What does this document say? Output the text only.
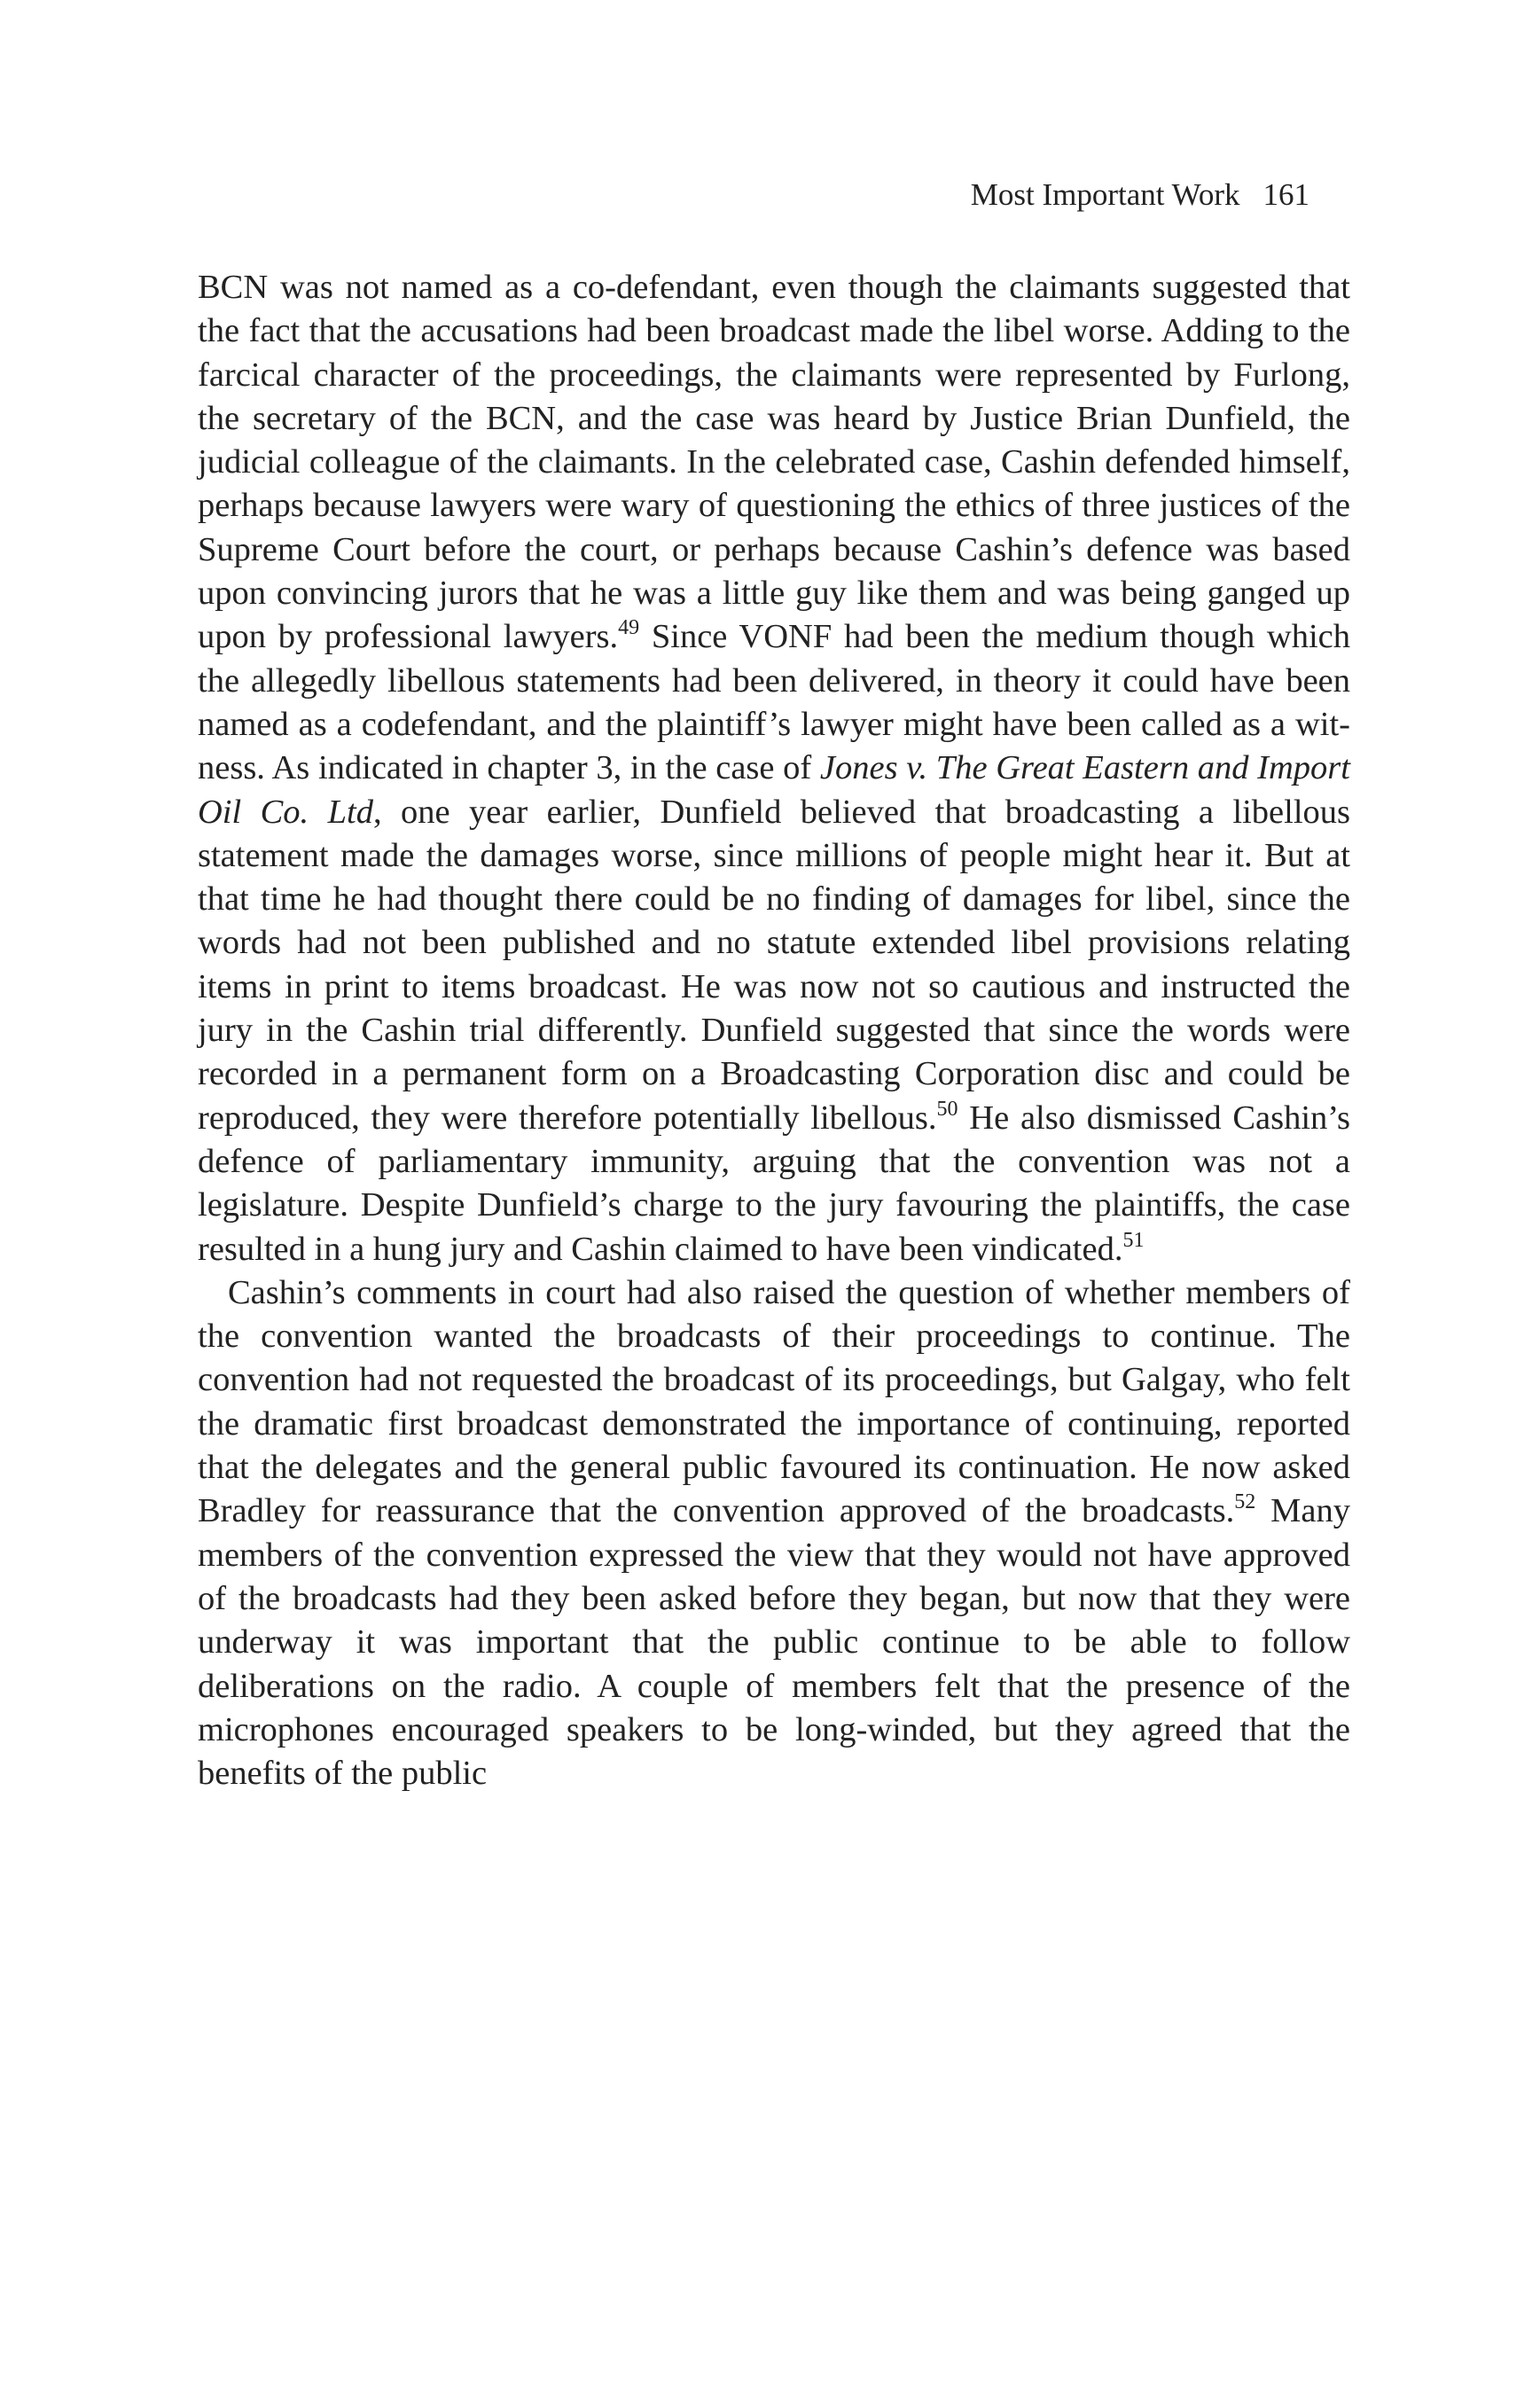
Most Important Work 161

BCN was not named as a co-defendant, even though the claimants suggested that the fact that the accusations had been broadcast made the libel worse. Adding to the farcical character of the proceedings, the claimants were represented by Furlong, the secretary of the BCN, and the case was heard by Justice Brian Dunfield, the judicial colleague of the claimants. In the celebrated case, Cashin defended himself, perhaps because lawyers were wary of questioning the ethics of three justices of the Supreme Court before the court, or perhaps because Cashin’s defence was based upon convincing jurors that he was a little guy like them and was being ganged up upon by professional lawyers.$^{49}$ Since VONF had been the medium though which the allegedly libellous statements had been delivered, in theory it could have been named as a codefendant, and the plaintiff’s lawyer might have been called as a witness. As indicated in chapter 3, in the case of Jones v. The Great Eastern and Import Oil Co. Ltd, one year earlier, Dunfield believed that broadcasting a libellous statement made the damages worse, since millions of people might hear it. But at that time he had thought there could be no finding of damages for libel, since the words had not been published and no statute extended libel provisions relating items in print to items broadcast. He was now not so cautious and instructed the jury in the Cashin trial differently. Dunfield suggested that since the words were recorded in a permanent form on a Broadcasting Corporation disc and could be reproduced, they were therefore potentially libellous.$^{50}$ He also dismissed Cashin’s defence of parliamentary immunity, arguing that the convention was not a legislature. Despite Dunfield’s charge to the jury favouring the plaintiffs, the case resulted in a hung jury and Cashin claimed to have been vindicated.$^{51}$

Cashin’s comments in court had also raised the question of whether members of the convention wanted the broadcasts of their proceedings to continue. The convention had not requested the broadcast of its proceedings, but Galgay, who felt the dramatic first broadcast demonstrated the importance of continuing, reported that the delegates and the general public favoured its continuation. He now asked Bradley for reassurance that the convention approved of the broadcasts.$^{52}$ Many members of the convention expressed the view that they would not have approved of the broadcasts had they been asked before they began, but now that they were underway it was important that the public continue to be able to follow deliberations on the radio. A couple of members felt that the presence of the microphones encouraged speakers to be long-winded, but they agreed that the benefits of the public
